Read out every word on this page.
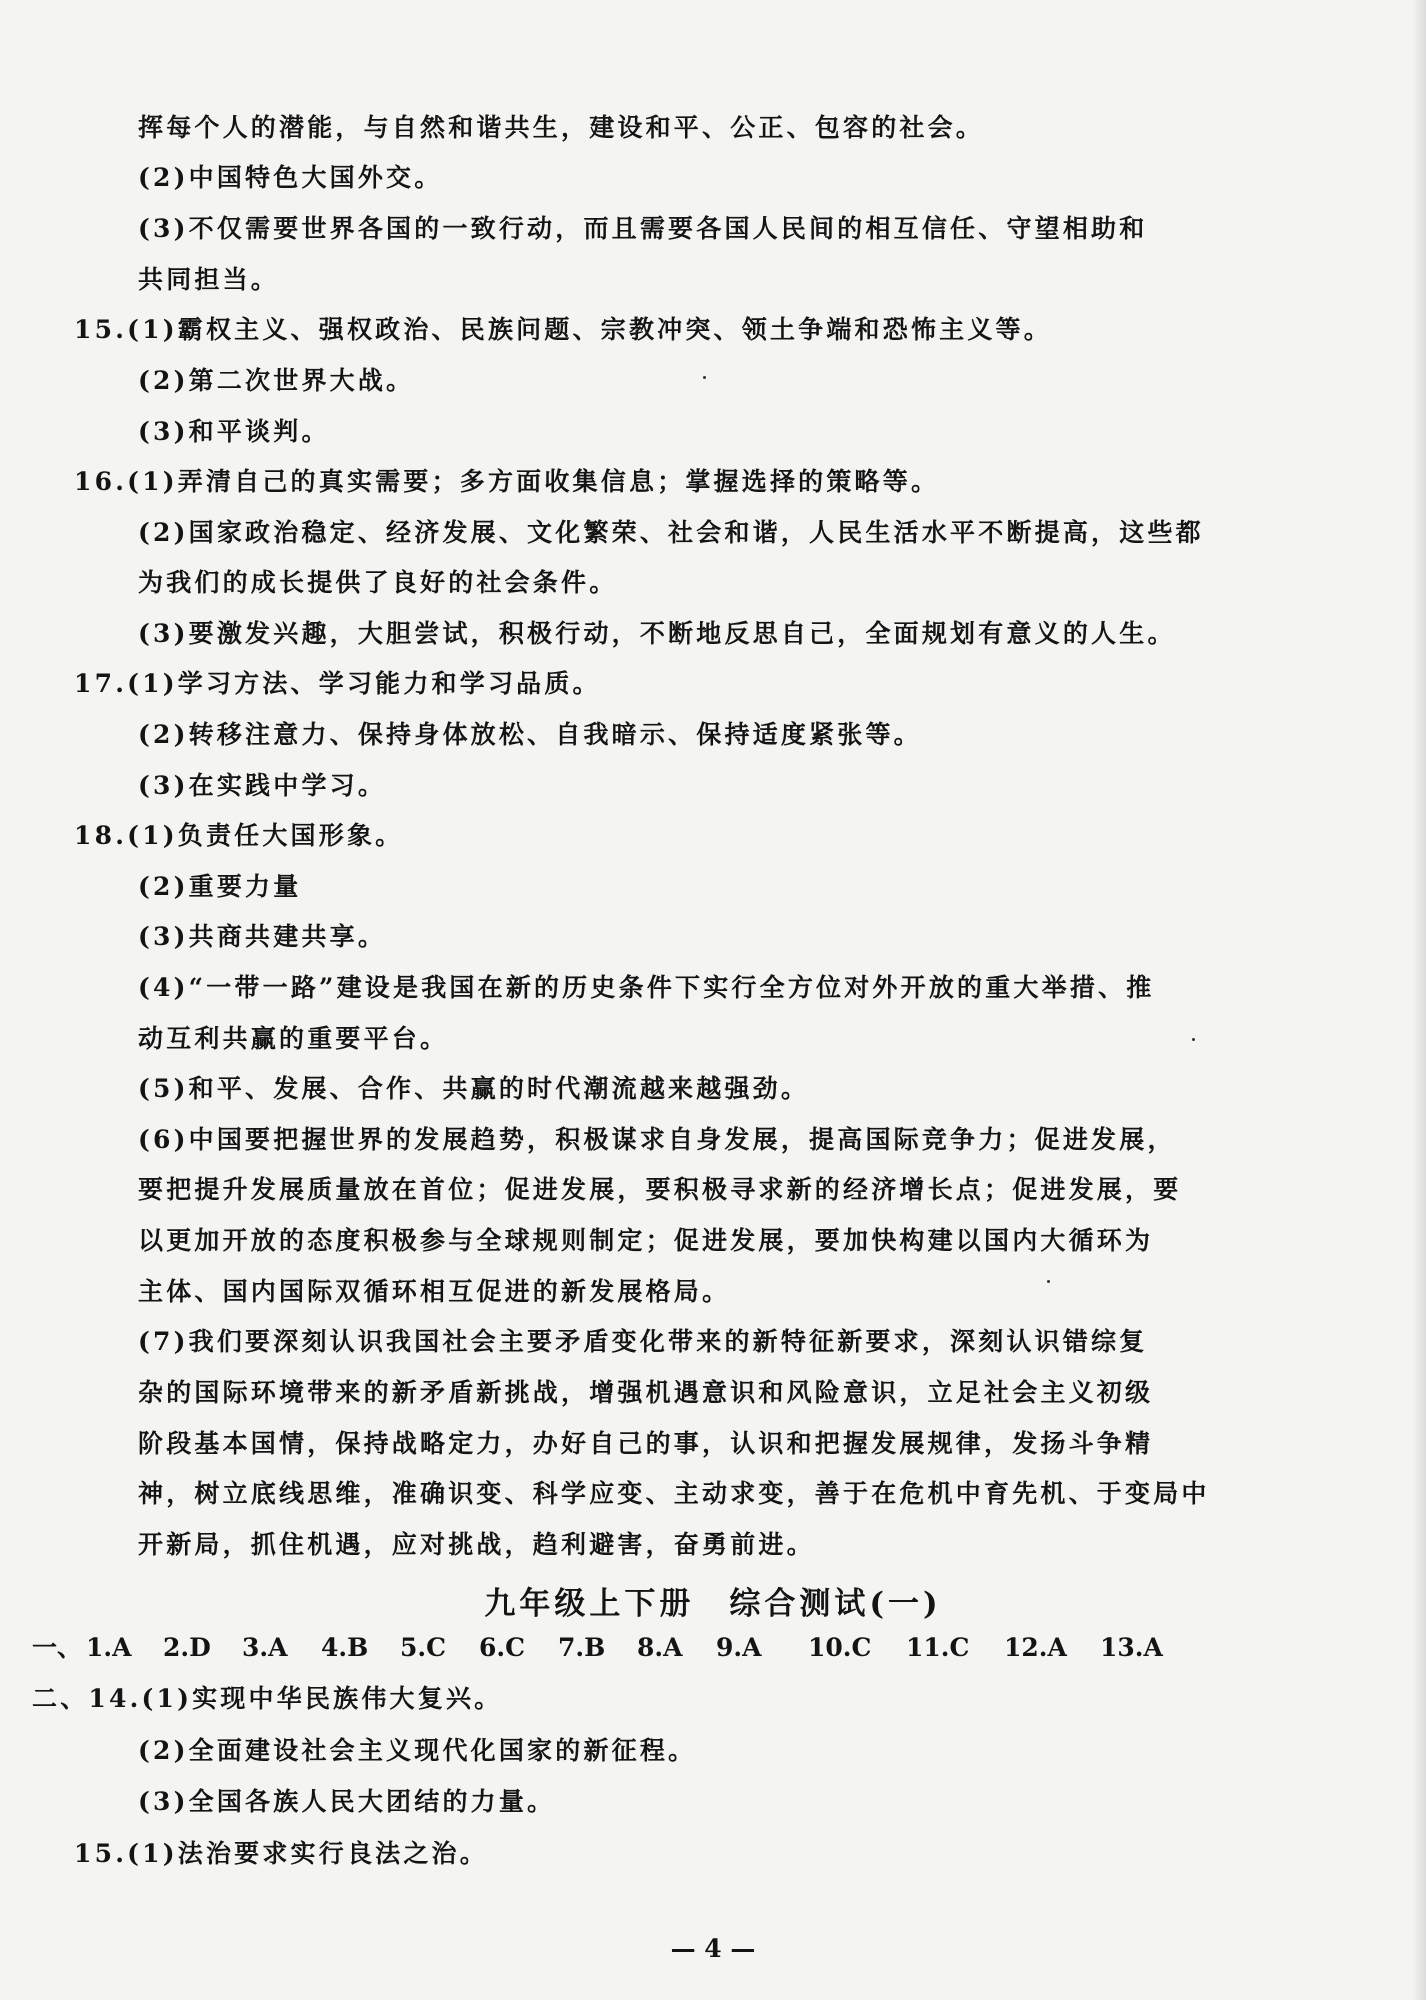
挥每个人的潜能，与自然和谐共生，建设和平、公正、包容的社会。
(2)中国特色大国外交。
(3)不仅需要世界各国的一致行动，而且需要各国人民间的相互信任、守望相助和
共同担当。
15.(1)霸权主义、强权政治、民族问题、宗教冲突、领土争端和恐怖主义等。
(2)第二次世界大战。
(3)和平谈判。
16.(1)弄清自己的真实需要；多方面收集信息；掌握选择的策略等。
(2)国家政治稳定、经济发展、文化繁荣、社会和谐，人民生活水平不断提高，这些都
为我们的成长提供了良好的社会条件。
(3)要激发兴趣，大胆尝试，积极行动，不断地反思自己，全面规划有意义的人生。
17.(1)学习方法、学习能力和学习品质。
(2)转移注意力、保持身体放松、自我暗示、保持适度紧张等。
(3)在实践中学习。
18.(1)负责任大国形象。
(2)重要力量
(3)共商共建共享。
(4)“一带一路”建设是我国在新的历史条件下实行全方位对外开放的重大举措、推
动互利共赢的重要平台。
(5)和平、发展、合作、共赢的时代潮流越来越强劲。
(6)中国要把握世界的发展趋势，积极谋求自身发展，提高国际竞争力；促进发展，
要把提升发展质量放在首位；促进发展，要积极寻求新的经济增长点；促进发展，要
以更加开放的态度积极参与全球规则制定；促进发展，要加快构建以国内大循环为
主体、国内国际双循环相互促进的新发展格局。
(7)我们要深刻认识我国社会主要矛盾变化带来的新特征新要求，深刻认识错综复
杂的国际环境带来的新矛盾新挑战，增强机遇意识和风险意识，立足社会主义初级
阶段基本国情，保持战略定力，办好自己的事，认识和把握发展规律，发扬斗争精
神，树立底线思维，准确识变、科学应变、主动求变，善于在危机中育先机、于变局中
开新局，抓住机遇，应对挑战，趋利避害，奋勇前进。
九年级上下册　综合测试(一)
一、 1.A 2.D 3.A 4.B 5.C 6.C 7.B 8.A 9.A 10.C 11.C 12.A 13.A
二、14.(1)实现中华民族伟大复兴。
(2)全面建设社会主义现代化国家的新征程。
(3)全国各族人民大团结的力量。
15.(1)法治要求实行良法之治。
— 4 —
